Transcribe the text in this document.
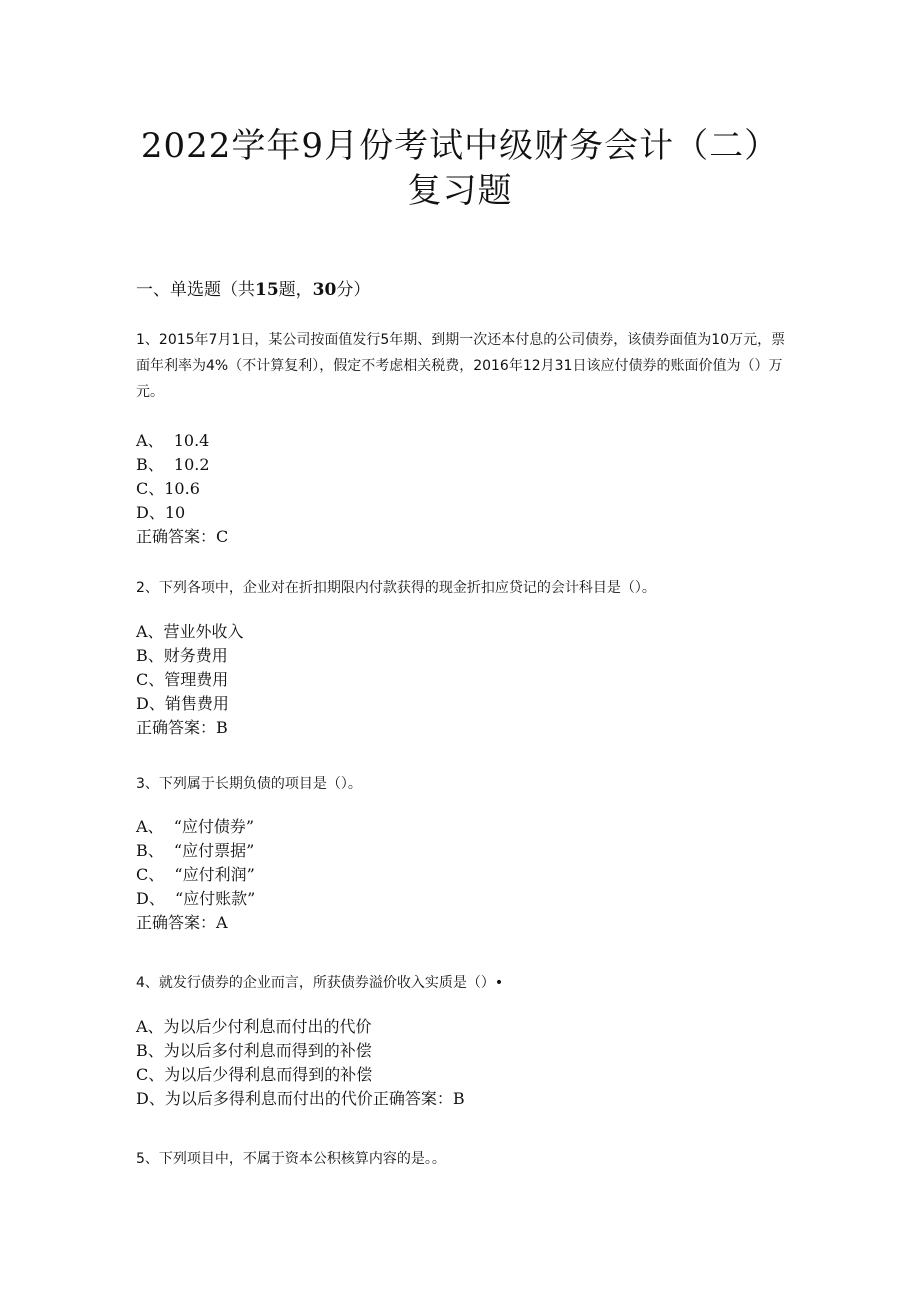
2022学年9月份考试中级财务会计（二）
复习题
一、单选题（共15题，30分）
1、2015年7月1日，某公司按面值发行5年期、到期一次还本付息的公司债券，该债券面值为10万元，票面年利率为4%（不计算复利），假定不考虑相关税费，2016年12月31日该应付债券的账面价值为（）万元。
A、  10.4
B、  10.2
C、10.6
D、10
正确答案：C
2、下列各项中，企业对在折扣期限内付款获得的现金折扣应贷记的会计科目是（）。
A、营业外收入
B、财务费用
C、管理费用
D、销售费用
正确答案：B
3、下列属于长期负债的项目是（）。
A、  “应付债券”
B、  “应付票据”
C、  “应付利润”
D、  “应付账款”
正确答案：A
4、就发行债券的企业而言，所获债券溢价收入实质是（）•
A、为以后少付利息而付出的代价
B、为以后多付利息而得到的补偿
C、为以后少得利息而得到的补偿
D、为以后多得利息而付出的代价正确答案：B
5、下列项目中，不属于资本公积核算内容的是。。
